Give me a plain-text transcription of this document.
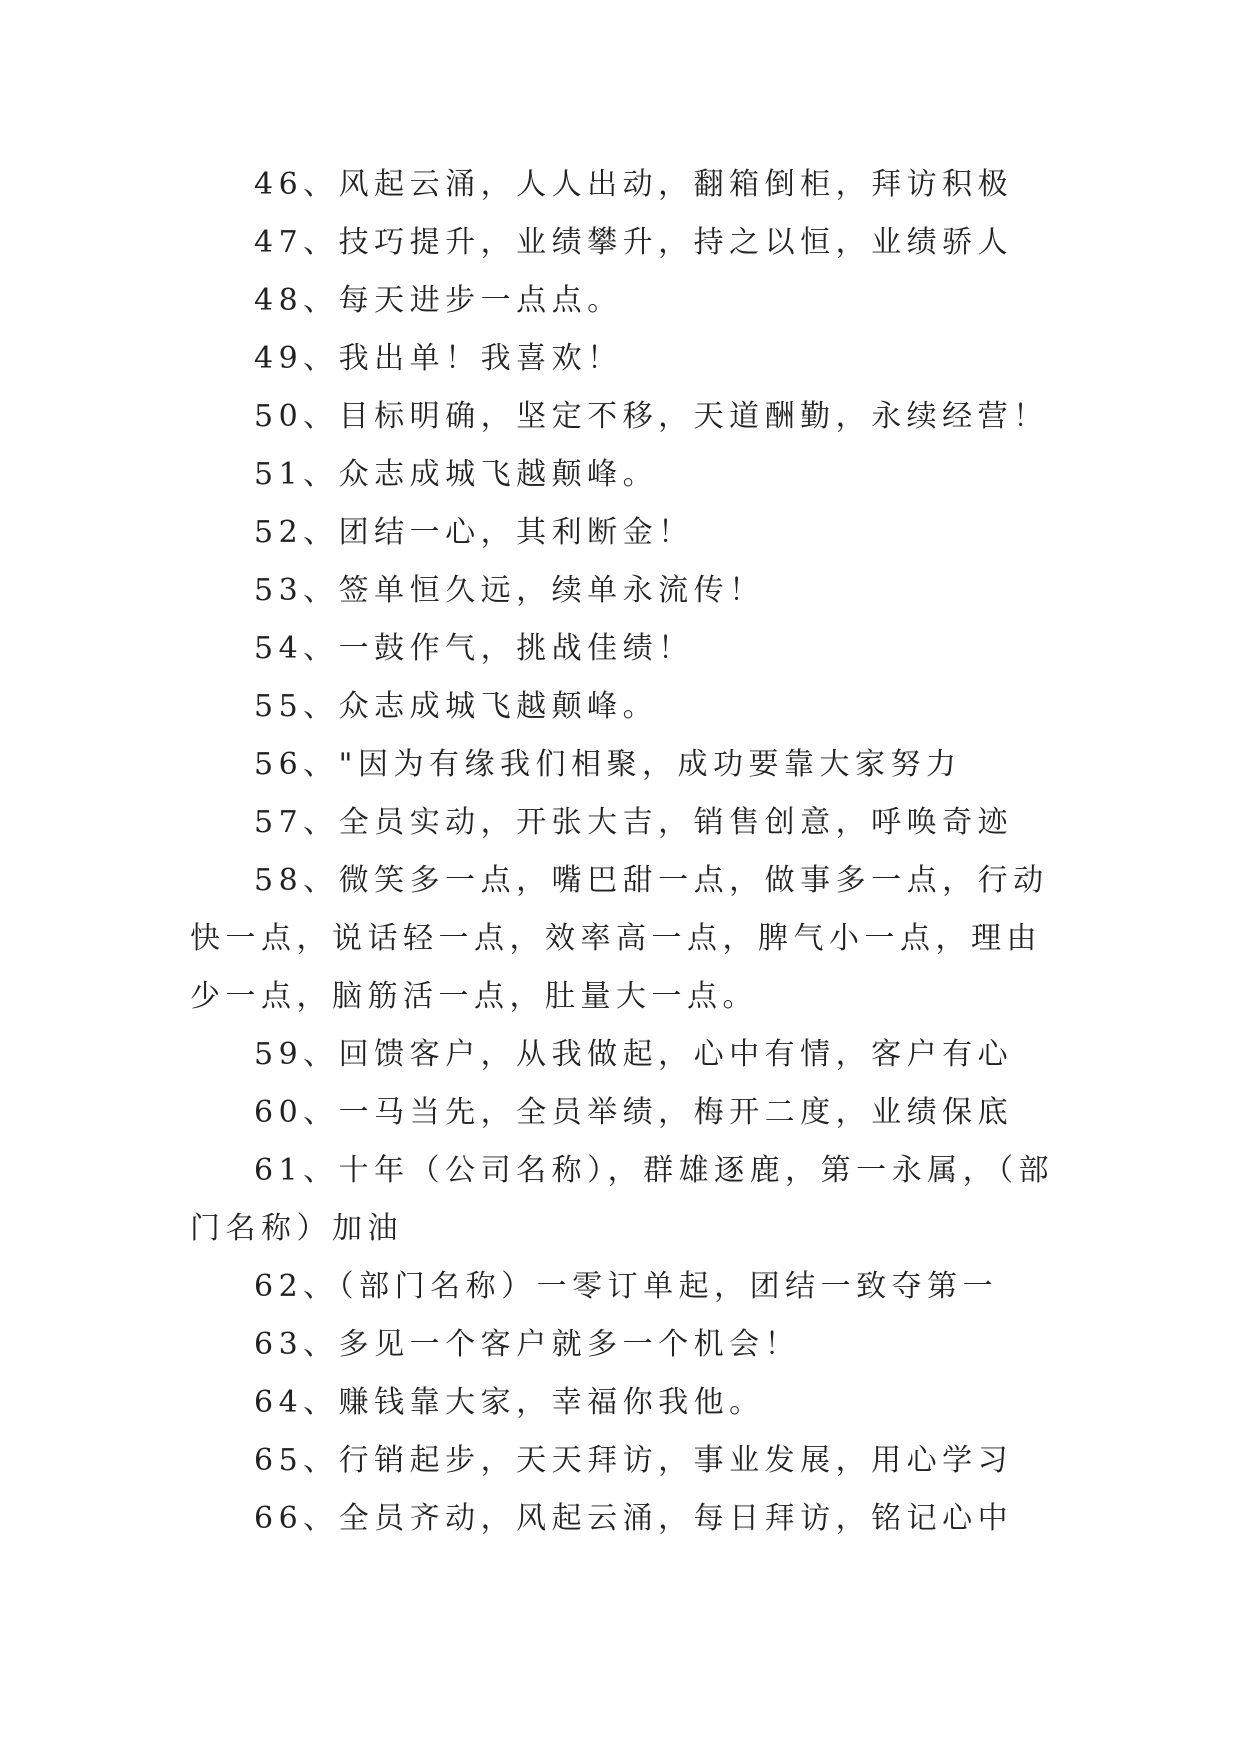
46、风起云涌，人人出动，翻箱倒柜，拜访积极

47、技巧提升，业绩攀升，持之以恒，业绩骄人

48、每天进步一点点。

49、我出单！我喜欢！

50、目标明确，坚定不移，天道酬勤，永续经营！

51、众志成城飞越颠峰。

52、团结一心，其利断金！

53、签单恒久远，续单永流传！

54、一鼓作气，挑战佳绩！

55、众志成城飞越颠峰。

56、"因为有缘我们相聚，成功要靠大家努力

57、全员实动，开张大吉，销售创意，呼唤奇迹

58、微笑多一点，嘴巴甜一点，做事多一点，行动快一点，说话轻一点，效率高一点，脾气小一点，理由少一点，脑筋活一点，肚量大一点。

59、回馈客户，从我做起，心中有情，客户有心

60、一马当先，全员举绩，梅开二度，业绩保底

61、十年（公司名称），群雄逐鹿，第一永属，（部门名称）加油

62、（部门名称）一零订单起，团结一致夺第一

63、多见一个客户就多一个机会！

64、赚钱靠大家，幸福你我他。

65、行销起步，天天拜访，事业发展，用心学习

66、全员齐动，风起云涌，每日拜访，铭记心中
